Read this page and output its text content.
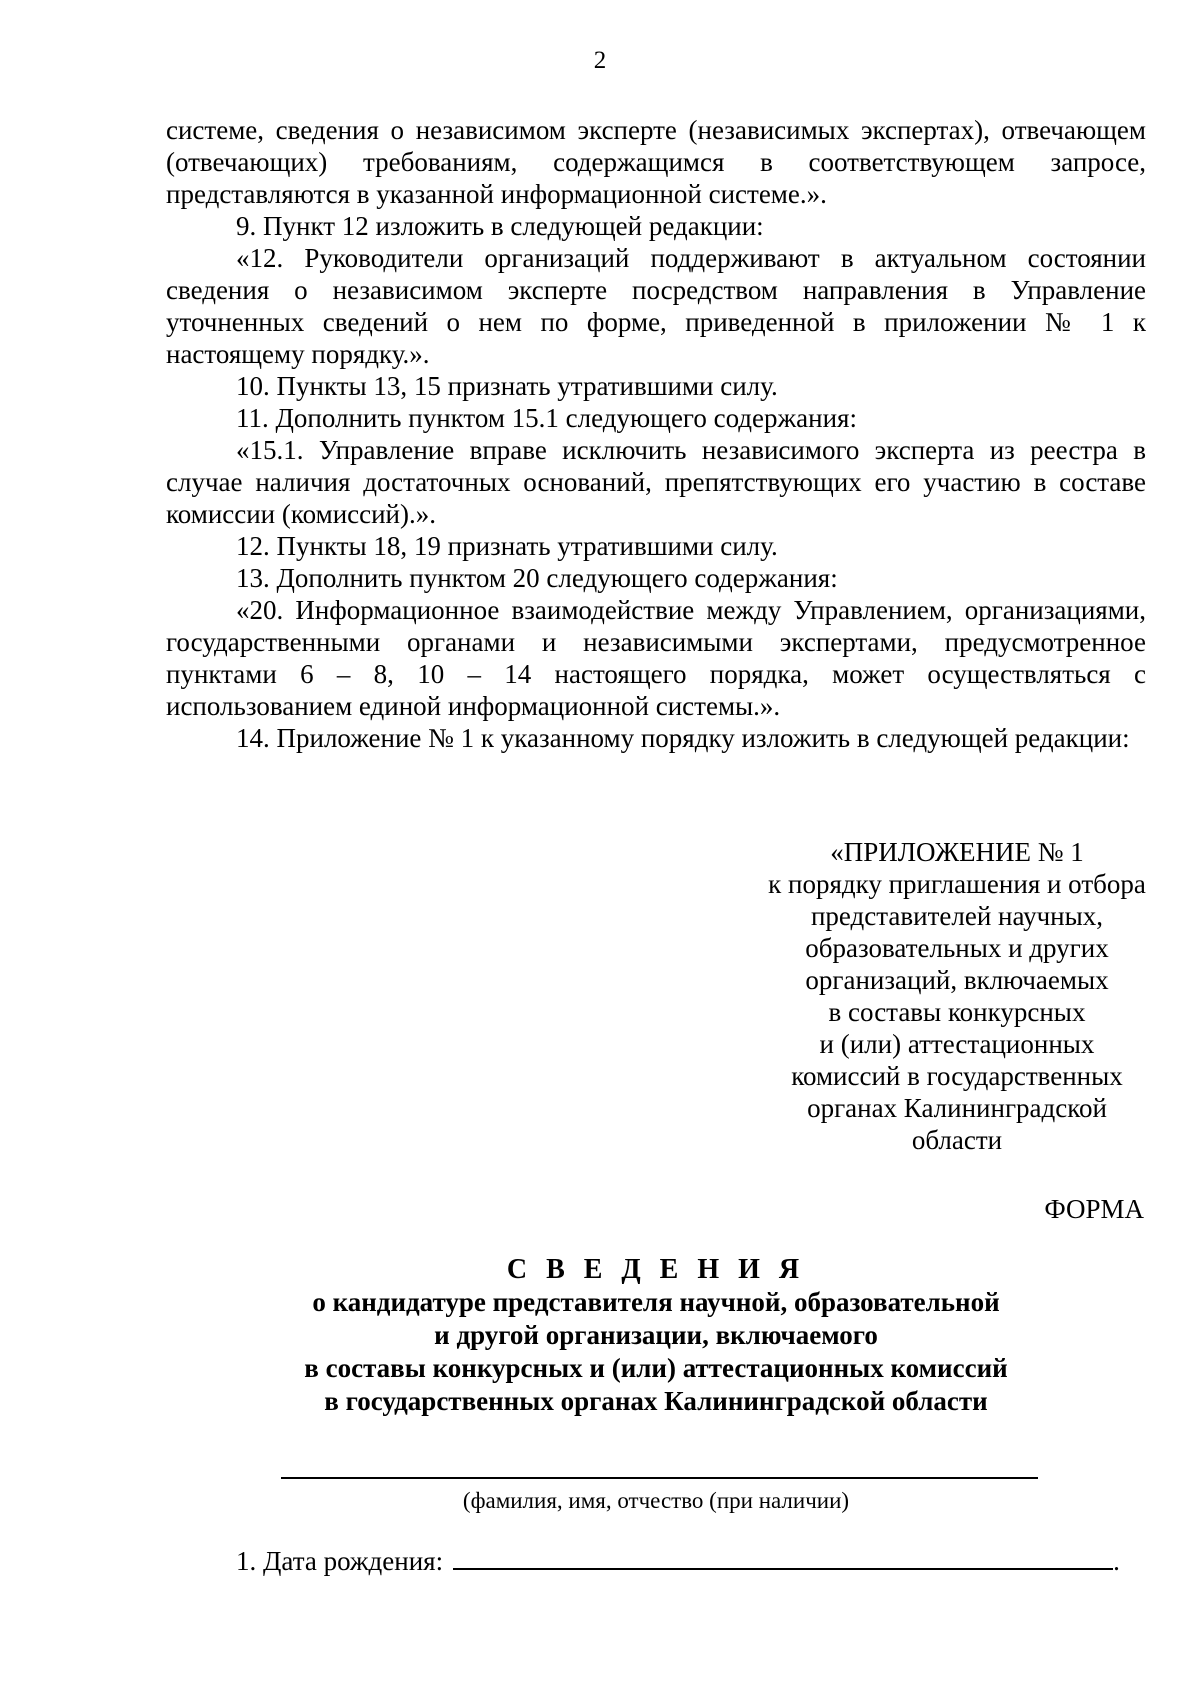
2

системе, сведения о независимом эксперте (независимых экспертах), отвечающем (отвечающих) требованиям, содержащимся в соответствующем запросе, представляются в указанной информационной системе.».

9. Пункт 12 изложить в следующей редакции:

«12. Руководители организаций поддерживают в актуальном состоянии сведения о независимом эксперте посредством направления в Управление уточненных сведений о нем по форме, приведенной в приложении № 1 к настоящему порядку.».

10. Пункты 13, 15 признать утратившими силу.

11. Дополнить пунктом 15.1 следующего содержания:

«15.1. Управление вправе исключить независимого эксперта из реестра в случае наличия достаточных оснований, препятствующих его участию в составе комиссии (комиссий).».

12. Пункты 18, 19 признать утратившими силу.

13. Дополнить пунктом 20 следующего содержания:

«20. Информационное взаимодействие между Управлением, организациями, государственными органами и независимыми экспертами, предусмотренное пунктами 6 – 8, 10 – 14 настоящего порядка, может осуществляться с использованием единой информационной системы.».

14. Приложение № 1 к указанному порядку изложить в следующей редакции:

«ПРИЛОЖЕНИЕ № 1
к порядку приглашения и отбора
представителей научных,
образовательных и других
организаций, включаемых
в составы конкурсных
и (или) аттестационных
комиссий в государственных
органах Калининградской
области
ФОРМА
С В Е Д Е Н И Я
о кандидатуре представителя научной, образовательной
и другой организации, включаемого
в составы конкурсных и (или) аттестационных комиссий
в государственных органах Калининградской области
(фамилия, имя, отчество (при наличии)
1. Дата рождения:	.
